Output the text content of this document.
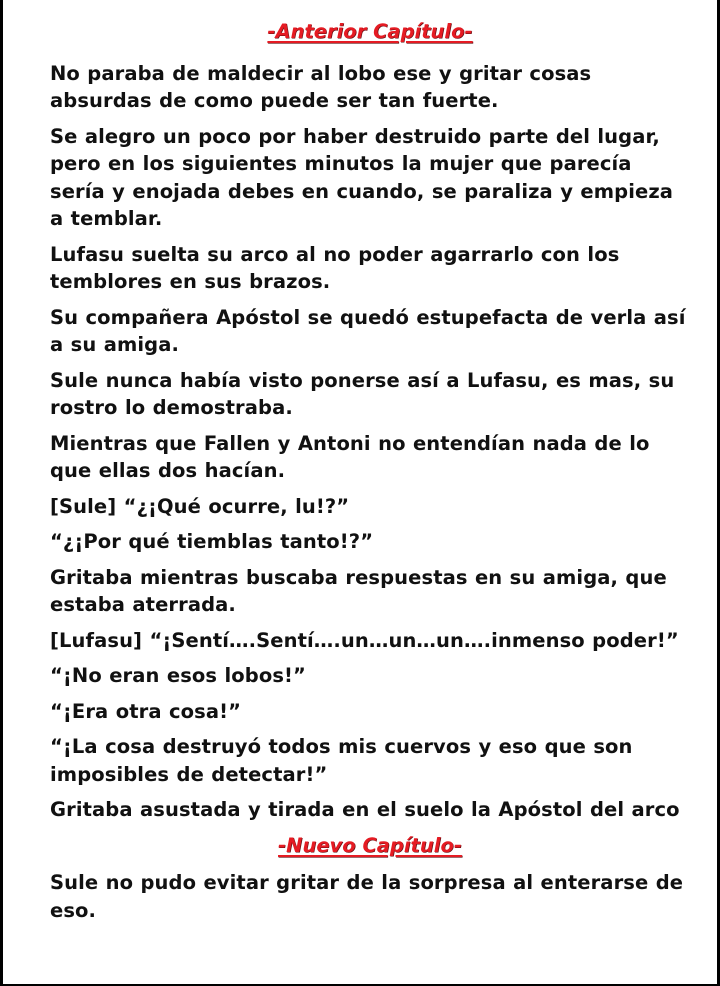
-Anterior Capítulo-

No paraba de maldecir al lobo ese y gritar cosas absurdas de como puede ser tan fuerte.

Se alegro un poco por haber destruido parte del lugar, pero en los siguientes minutos la mujer que parecía sería y enojada debes en cuando, se paraliza y empieza a temblar.

Lufasu suelta su arco al no poder agarrarlo con los temblores en sus brazos.

Su compañera Apóstol se quedó estupefacta de verla así a su amiga.

Sule nunca había visto ponerse así a Lufasu, es mas, su rostro lo demostraba.

Mientras que Fallen y Antoni no entendían nada de lo que ellas dos hacían.

[Sule] “¿¡Qué ocurre, lu!?”

“¿¡Por qué tiemblas tanto!?”

Gritaba mientras buscaba respuestas en su amiga, que estaba aterrada.

[Lufasu] “¡Sentí….Sentí….un…un…un….inmenso poder!”

“¡No eran esos lobos!”

“¡Era otra cosa!”

“¡La cosa destruyó todos mis cuervos y eso que son imposibles de detectar!”

Gritaba asustada y tirada en el suelo la Apóstol del arco

-Nuevo Capítulo-

Sule no pudo evitar gritar de la sorpresa al enterarse de eso.
